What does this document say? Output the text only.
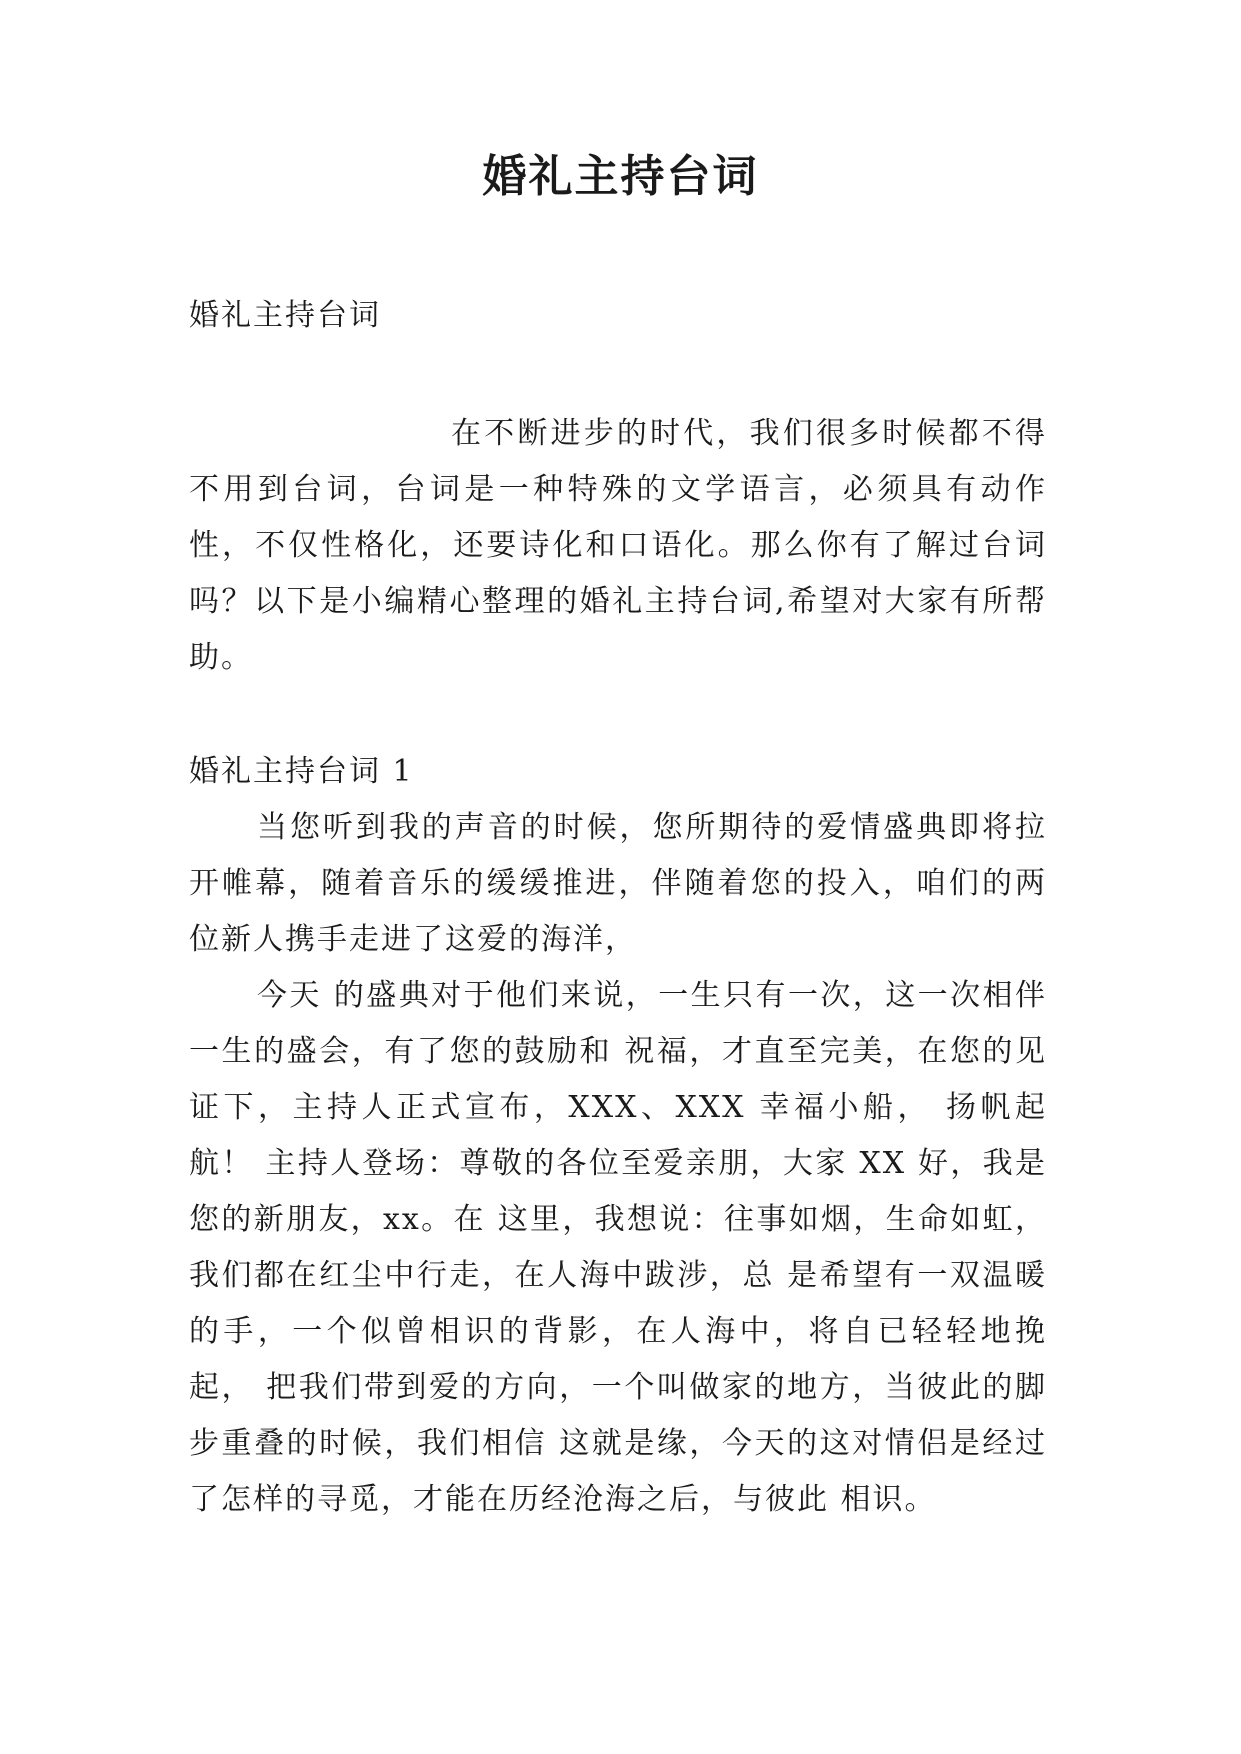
婚礼主持台词

婚礼主持台词

在不断进步的时代，我们很多时候都不得不用到台词，台词是一种特殊的文学语言，必须具有动作性，不仅性格化，还要诗化和口语化。那么你有了解过台词吗？以下是小编精心整理的婚礼主持台词,希望对大家有所帮助。

婚礼主持台词 1

当您听到我的声音的时候，您所期待的爱情盛典即将拉开帷幕，随着音乐的缓缓推进，伴随着您的投入，咱们的两位新人携手走进了这爱的海洋，

今天 的盛典对于他们来说，一生只有一次，这一次相伴一生的盛会，有了您的鼓励和 祝福，才直至完美，在您的见证下，主持人正式宣布，XXX、XXX 幸福小船， 扬帆起航！ 主持人登场：尊敬的各位至爱亲朋，大家 XX 好，我是您的新朋友，xx。在 这里，我想说：往事如烟，生命如虹，我们都在红尘中行走，在人海中跋涉，总 是希望有一双温暖的手，一个似曾相识的背影，在人海中，将自已轻轻地挽起， 把我们带到爱的方向，一个叫做家的地方，当彼此的脚步重叠的时候，我们相信 这就是缘，今天的这对情侣是经过了怎样的寻觅，才能在历经沧海之后，与彼此 相识。
